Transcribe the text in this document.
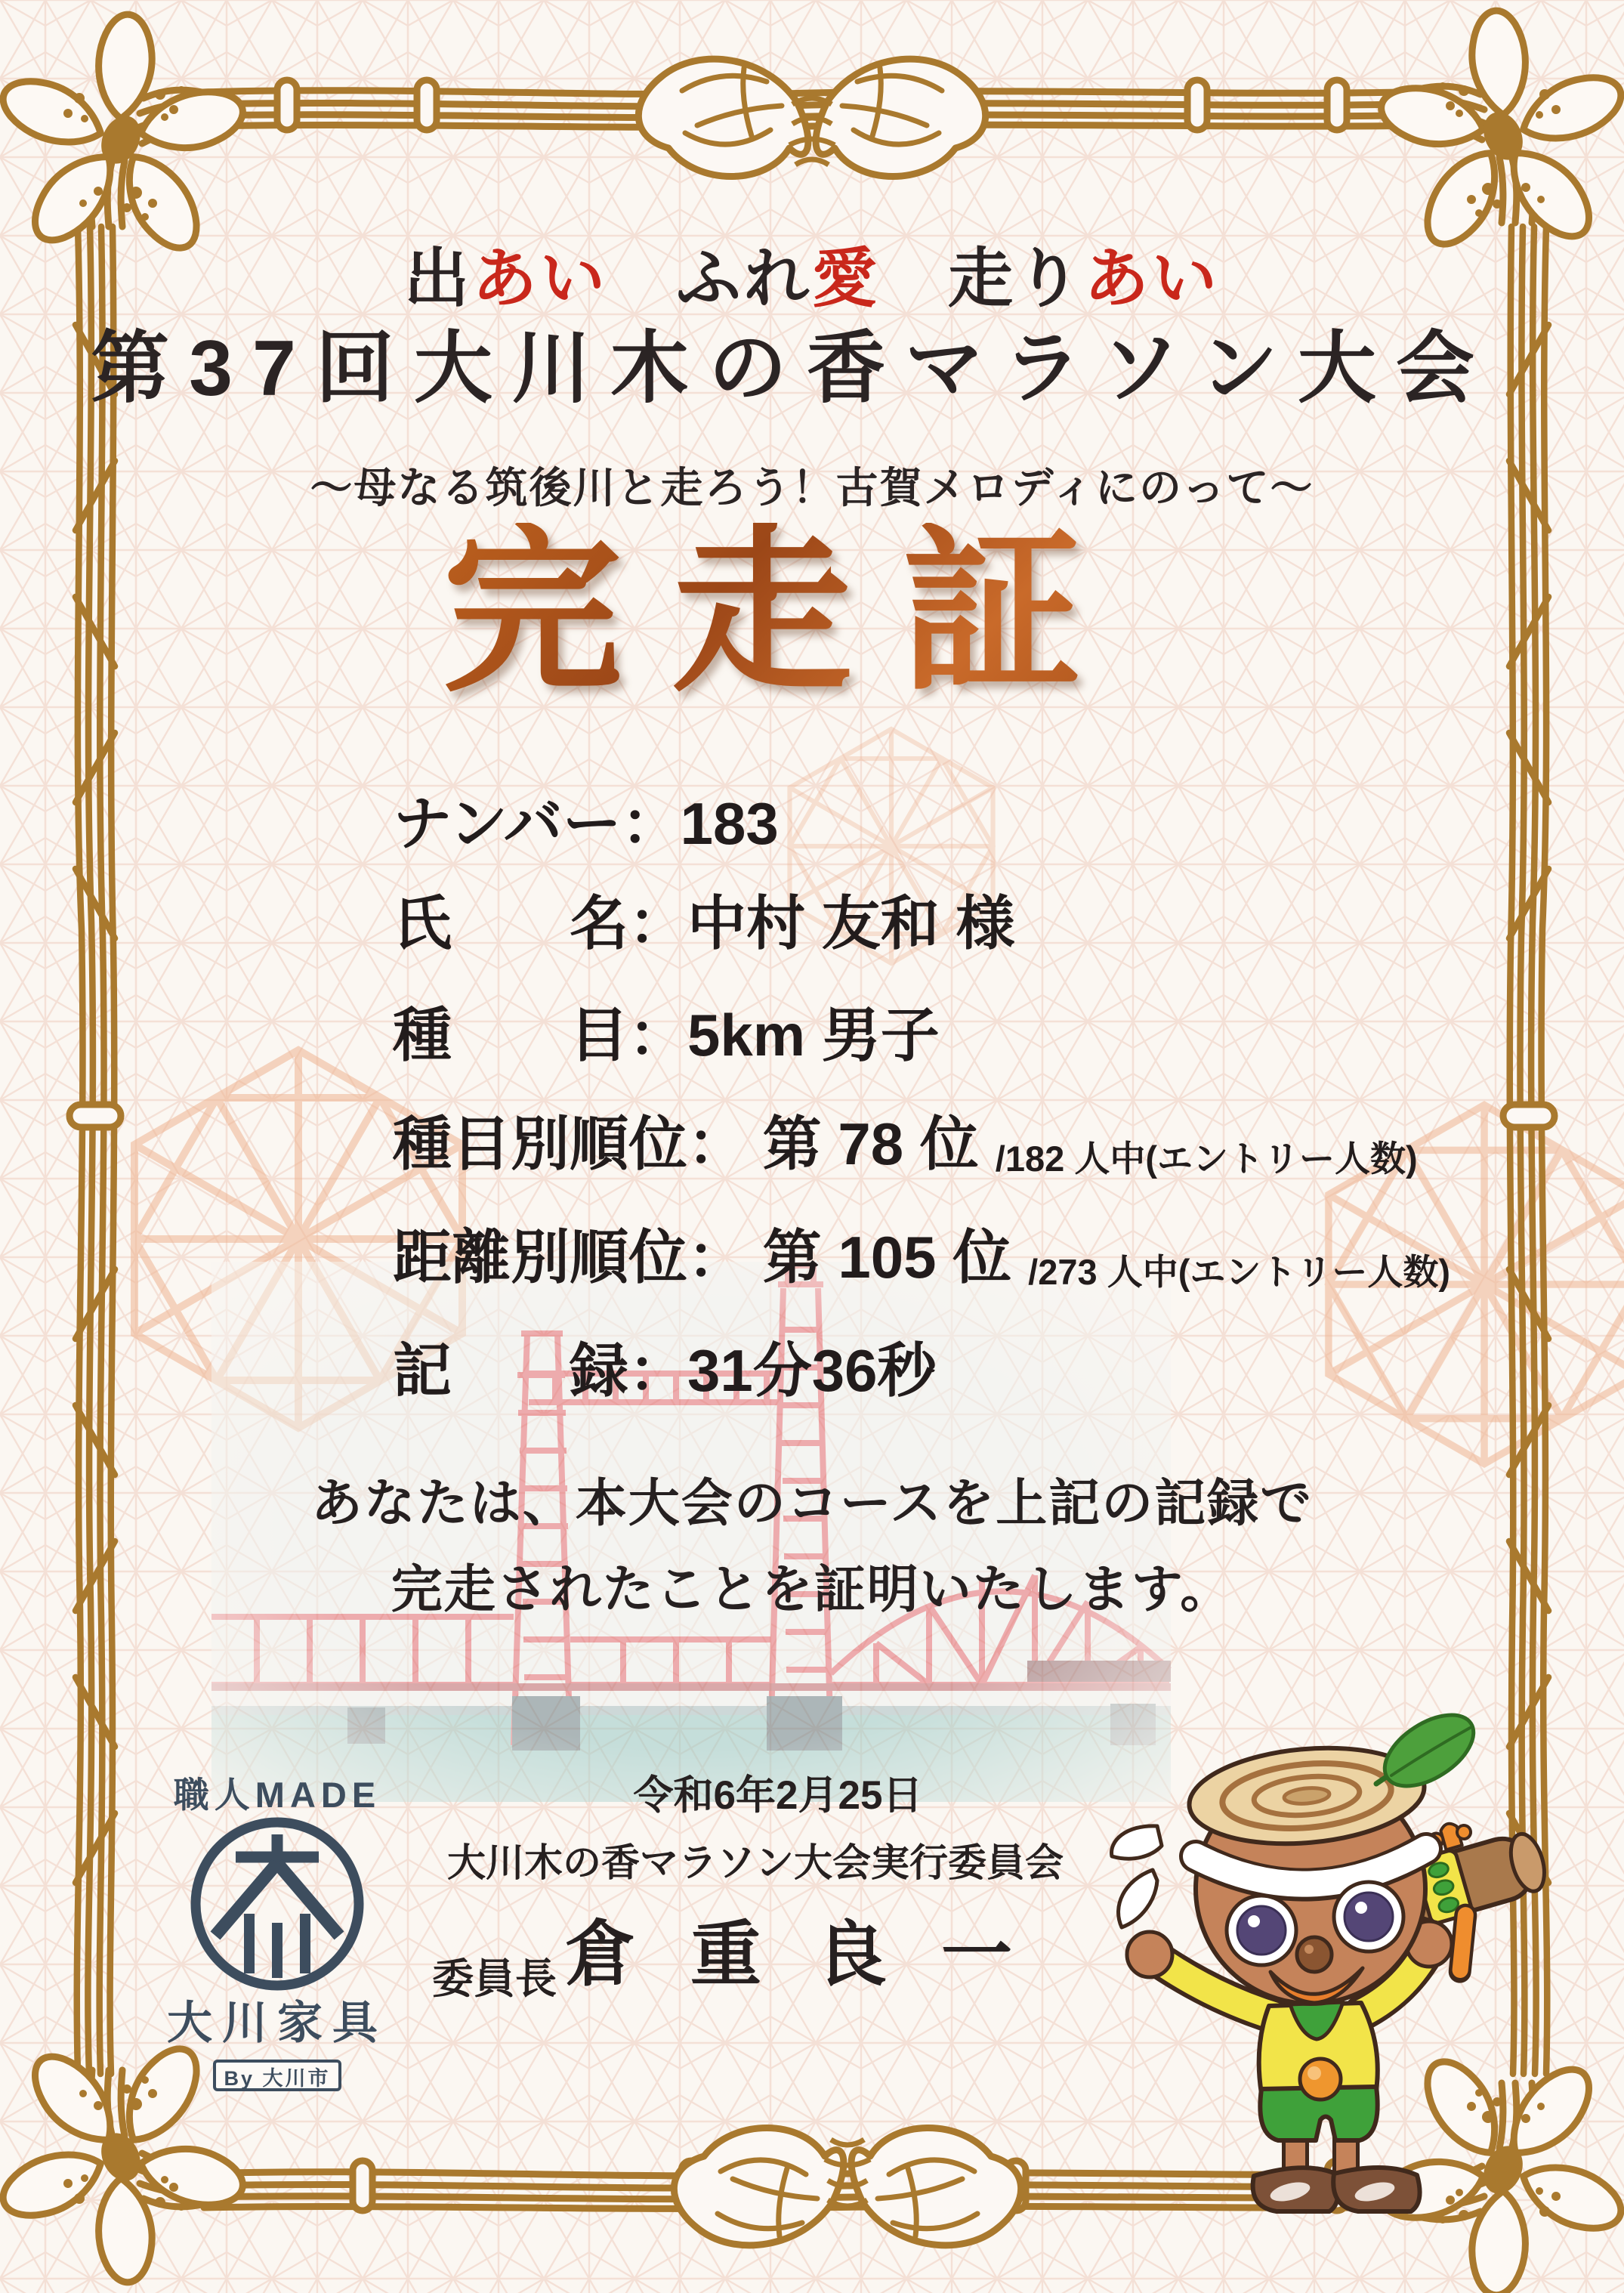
出あい　ふれ愛　走りあい
第37回大川木の香マラソン大会
～母なる筑後川と走ろう！古賀メロディにのって～
完走証
ナンバー：183
氏　　名：中村 友和 様
種　　目：5km 男子
種目別順位： 第 78 位 /182 人中(エントリー人数)
距離別順位： 第 105 位 /273 人中(エントリー人数)
記　　録：31分36秒
あなたは、本大会のコースを上記の記録で
完走されたことを証明いたします。
令和6年2月25日
大川木の香マラソン大会実行委員会
委員長 倉重良一
職人MADE
大川家具
By 大川市
